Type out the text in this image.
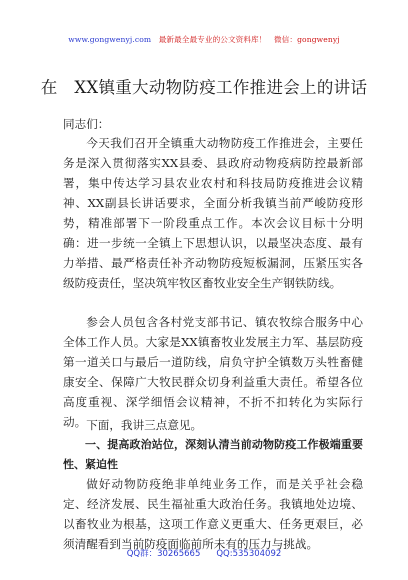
www.gongwenyj.com 最新最全最专业的公文资料库！ 微信：gongwenyj
在　XX镇重大动物防疫工作推进会上的讲话
同志们：
今天我们召开全镇重大动物防疫工作推进会，主要任务是深入贯彻落实XX县委、县政府动物疫病防控最新部署，集中传达学习县农业农村和科技局防疫推进会议精神、XX副县长讲话要求，全面分析我镇当前严峻防疫形势，精准部署下一阶段重点工作。本次会议目标十分明确：进一步统一全镇上下思想认识，以最坚决态度、最有力举措、最严格责任补齐动物防疫短板漏洞，压紧压实各级防疫责任，坚决筑牢牧区畜牧业安全生产钢铁防线。
参会人员包含各村党支部书记、镇农牧综合服务中心全体工作人员。大家是XX镇畜牧业发展主力军、基层防疫第一道关口与最后一道防线，肩负守护全镇数万头牲畜健康安全、保障广大牧民群众切身利益重大责任。希望各位高度重视、深学细悟会议精神，不折不扣转化为实际行动。 下面，我讲三点意见。
一、提高政治站位，深刻认清当前动物防疫工作极端重要性、紧迫性
做好动物防疫绝非单纯业务工作，而是关乎社会稳定、经济发展、民生福祉重大政治任务。我镇地处边境、以畜牧业为根基，这项工作意义更重大、任务更艰巨，必须清醒看到当前防疫面临前所未有的压力与挑战。
QQ群：30265665 QQ:535304092
